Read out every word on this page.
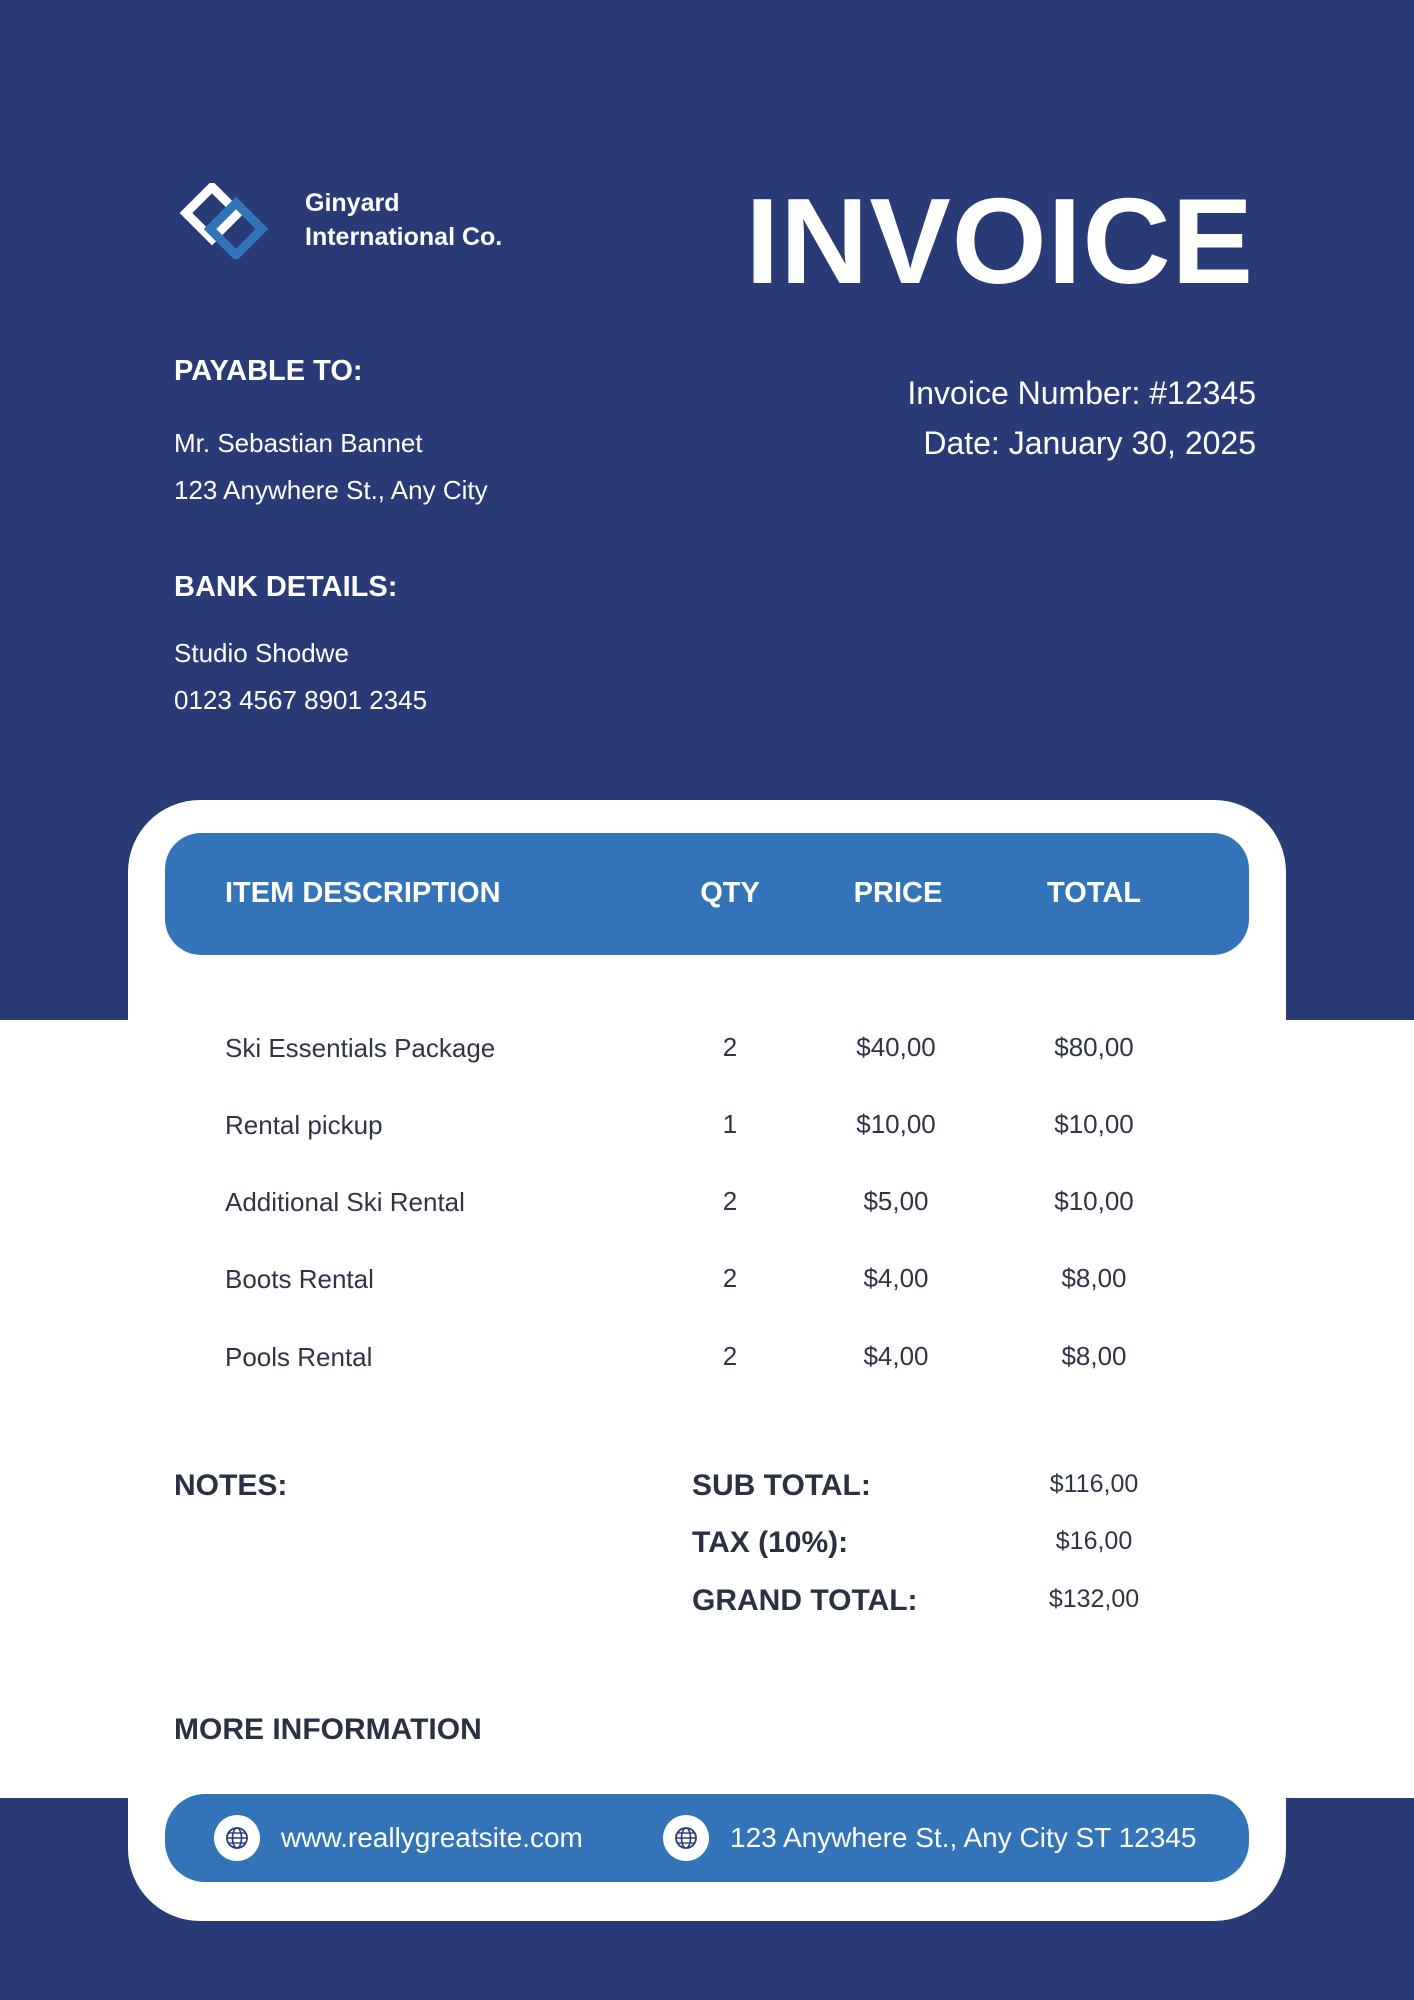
Ginyard
International Co. INVOICE
Invoice Number: #12345
Date: January 30, 2025
PAYABLE TO:
Mr. Sebastian Bannet
123 Anywhere St., Any City
BANK DETAILS:
Studio Shodwe
0123 4567 8901 2345
ITEM DESCRIPTION	QTY	PRICE	TOTAL
Ski Essentials Package	2	$40,00	$80,00
Rental pickup	1	$10,00	$10,00
Additional Ski Rental	2	$5,00	$10,00
Boots Rental	2	$4,00	$8,00
Pools Rental	2	$4,00	$8,00
NOTES:	SUB TOTAL:	$116,00
TAX (10%):	$16,00
GRAND TOTAL:	$132,00
MORE INFORMATION
www.reallygreatsite.com	123 Anywhere St., Any City ST 12345
